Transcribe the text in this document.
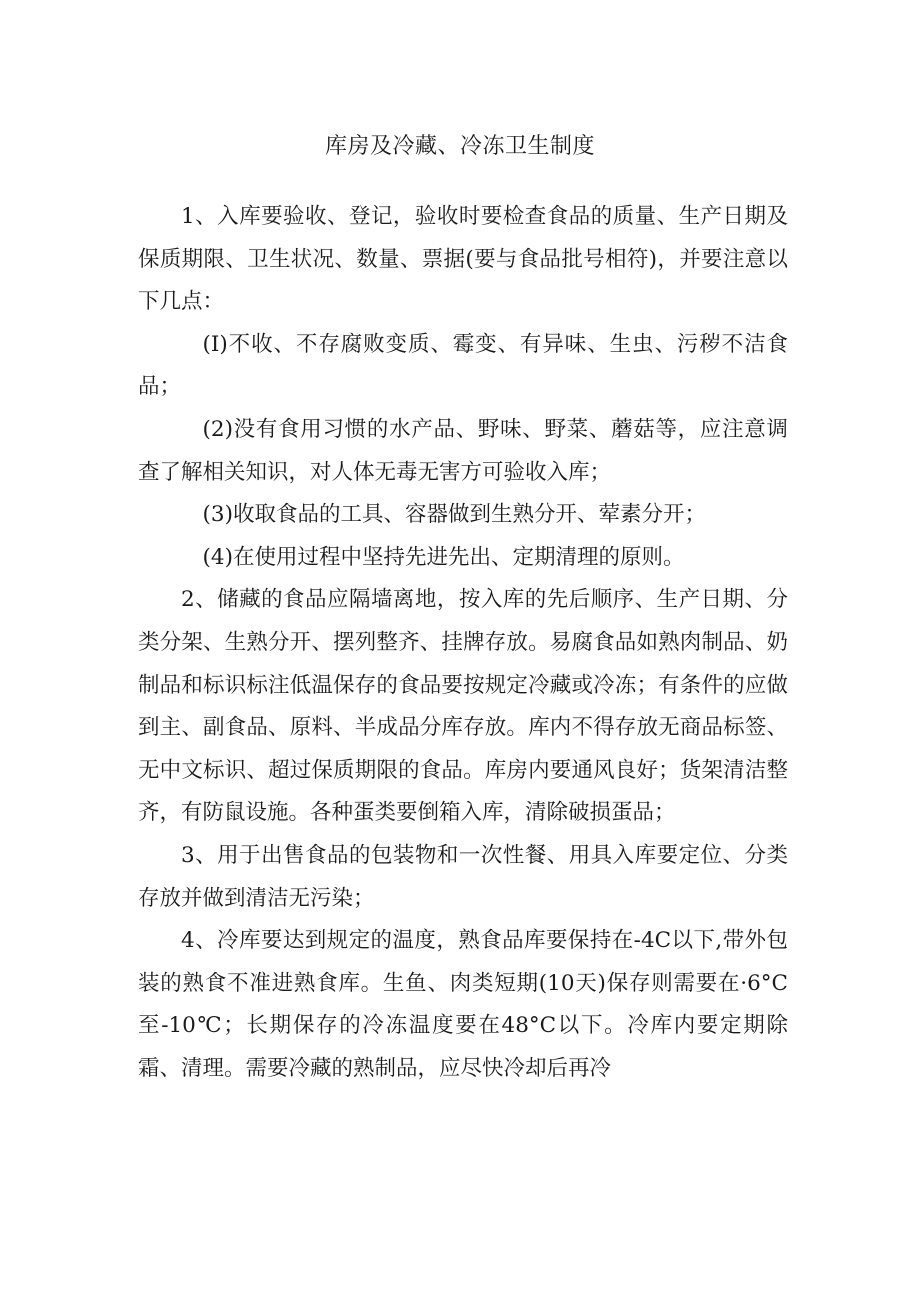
库房及冷藏、冷冻卫生制度

1、入库要验收、登记，验收时要检查食品的质量、生产日期及保质期限、卫生状况、数量、票据(要与食品批号相符)，并要注意以下几点：

(I)不收、不存腐败变质、霉变、有异味、生虫、污秽不洁食品；

(2)没有食用习惯的水产品、野味、野菜、蘑菇等，应注意调查了解相关知识，对人体无毒无害方可验收入库；

(3)收取食品的工具、容器做到生熟分开、荤素分开；

(4)在使用过程中坚持先进先出、定期清理的原则。

2、储藏的食品应隔墙离地，按入库的先后顺序、生产日期、分类分架、生熟分开、摆列整齐、挂牌存放。易腐食品如熟肉制品、奶制品和标识标注低温保存的食品要按规定冷藏或冷冻；有条件的应做到主、副食品、原料、半成品分库存放。库内不得存放无商品标签、无中文标识、超过保质期限的食品。库房内要通风良好；货架清洁整齐，有防鼠设施。各种蛋类要倒箱入库，清除破损蛋品；

3、用于出售食品的包装物和一次性餐、用具入库要定位、分类存放并做到清洁无污染；

4、冷库要达到规定的温度，熟食品库要保持在-4C以下,带外包装的熟食不准进熟食库。生鱼、肉类短期(10天)保存则需要在·6°C至-10℃；长期保存的冷冻温度要在48°C以下。冷库内要定期除霜、清理。需要冷藏的熟制品，应尽快冷却后再冷
